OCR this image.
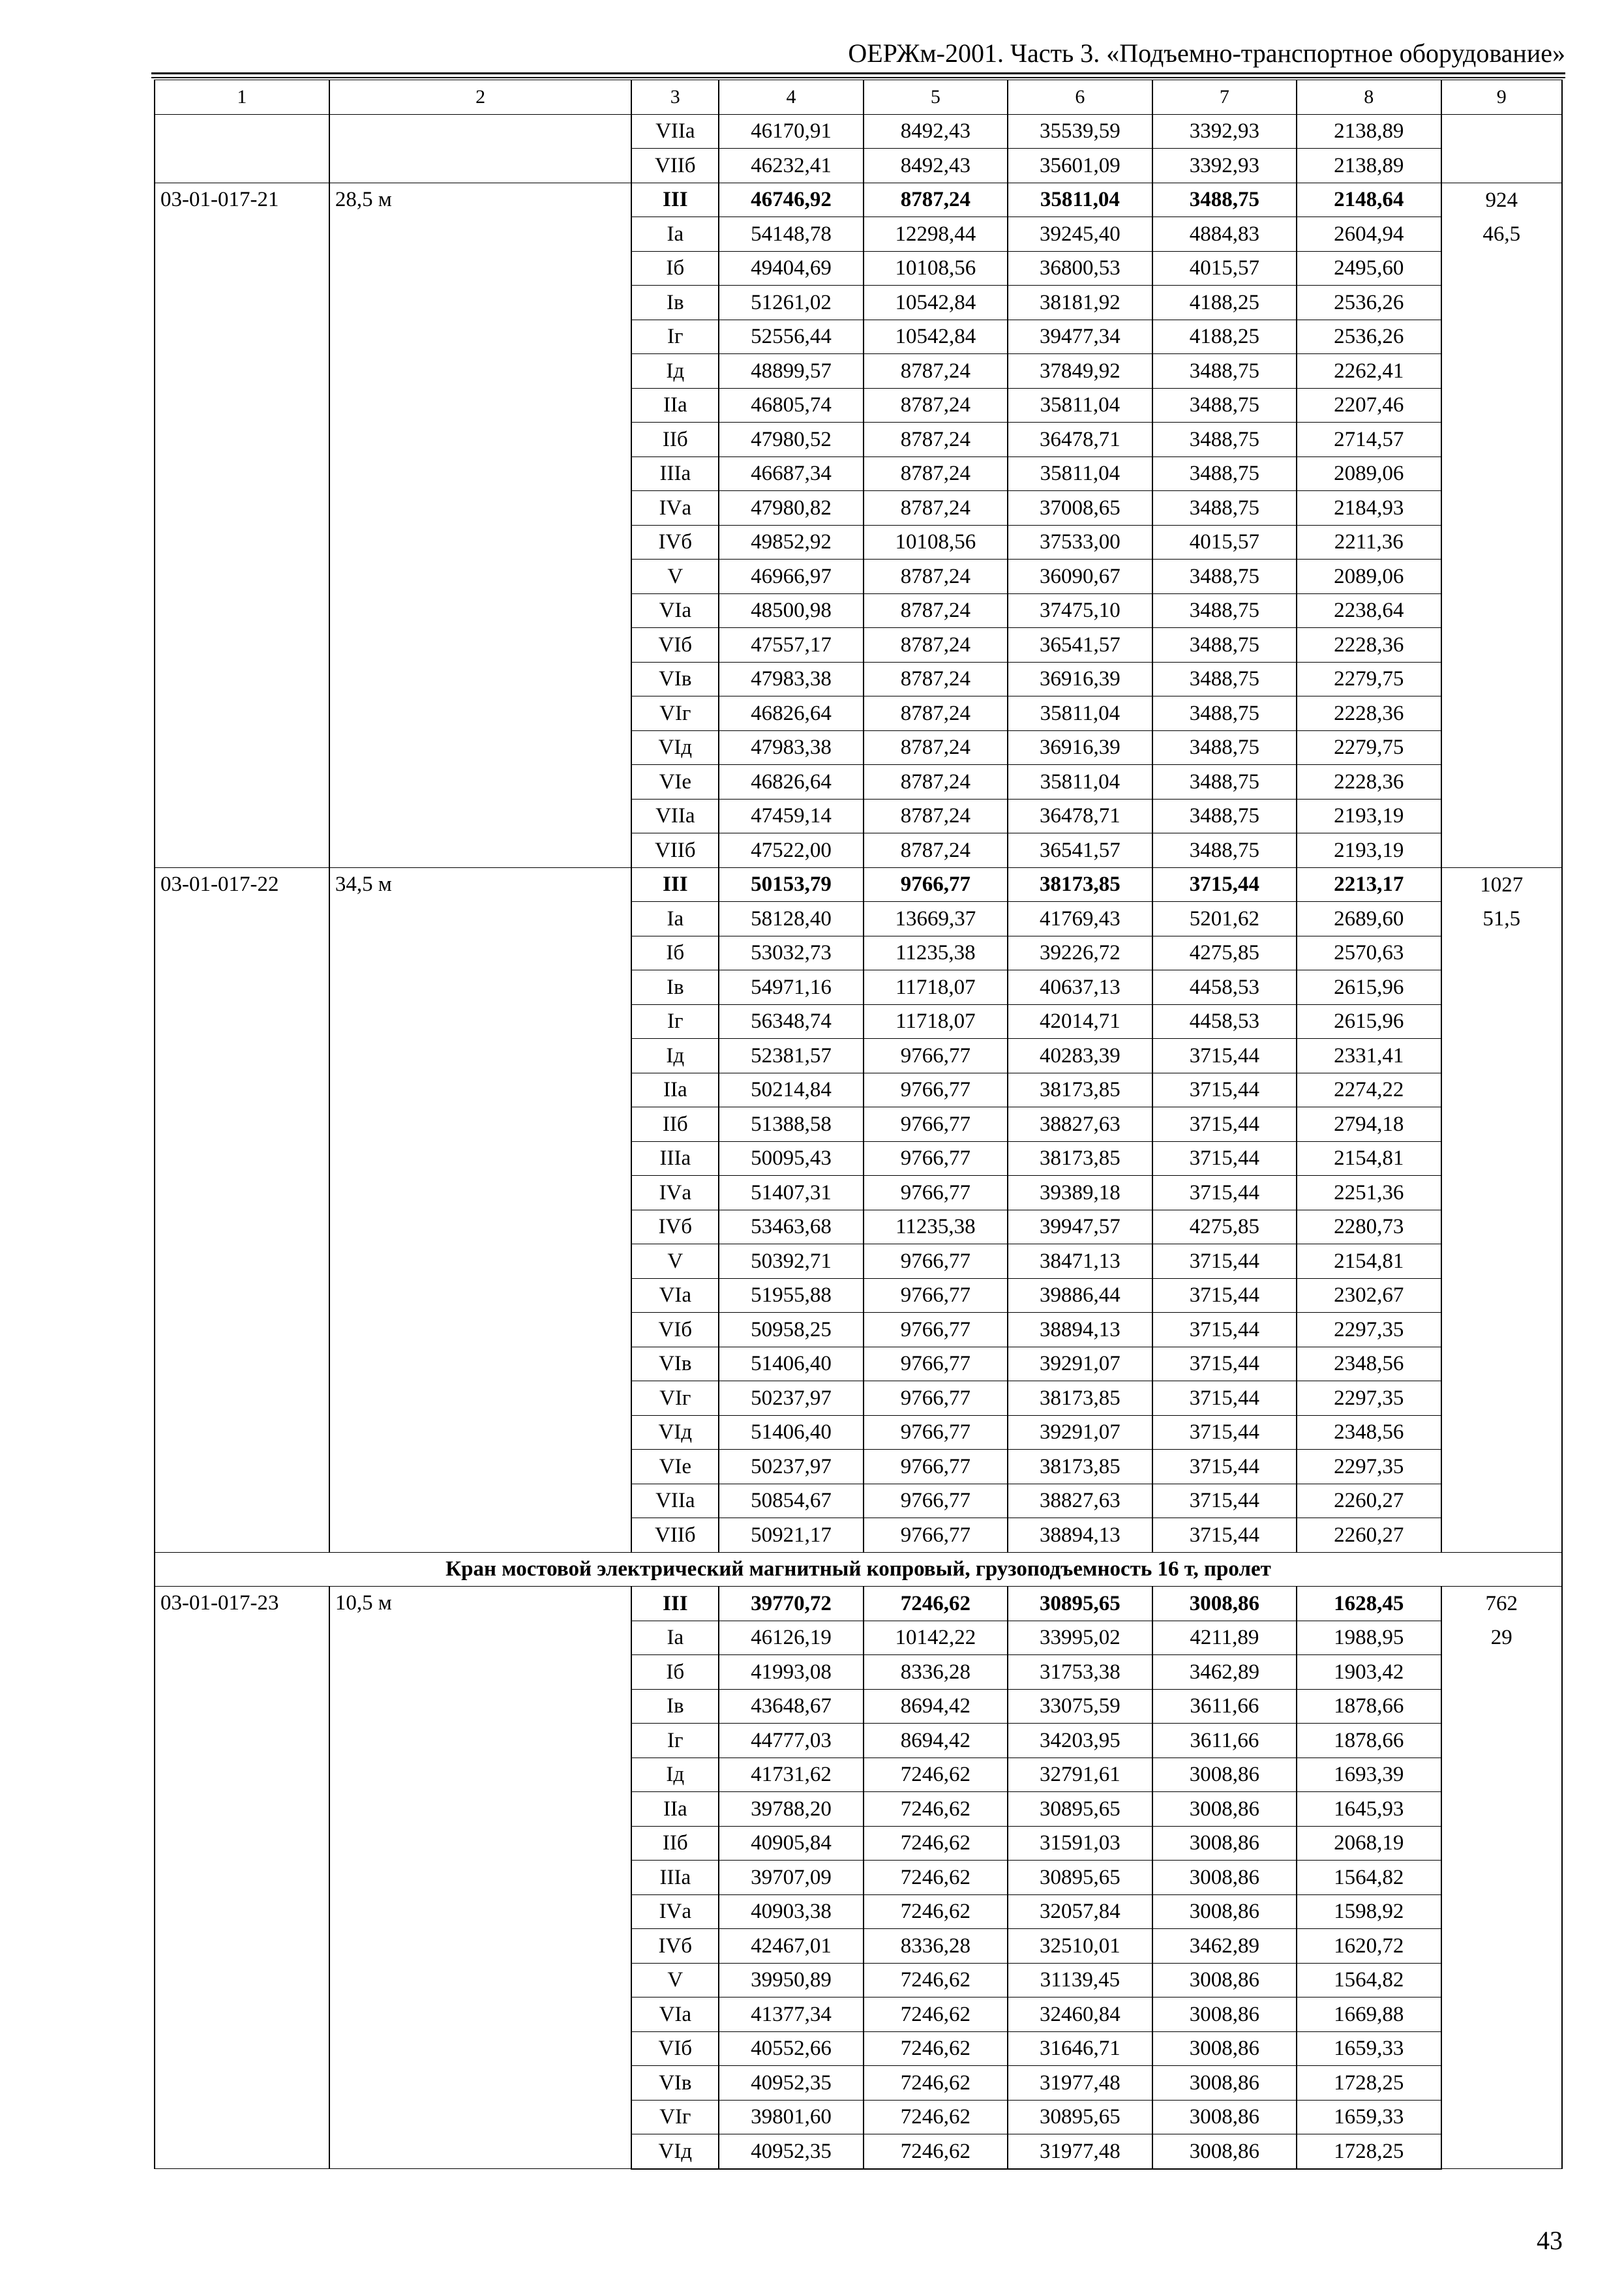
ОЕРЖм-2001. Часть 3. «Подъемно-транспортное оборудование»
1	2	3	4	5	6	7	8	9
		VIIа	46170,91	8492,43	35539,59	3392,93	2138,89	
		VIIб	46232,41	8492,43	35601,09	3392,93	2138,89	
03-01-017-21	28,5 м	III	46746,92	8787,24	35811,04	3488,75	2148,64	924
		Iа	54148,78	12298,44	39245,40	4884,83	2604,94	46,5
		Iб	49404,69	10108,56	36800,53	4015,57	2495,60	
		Iв	51261,02	10542,84	38181,92	4188,25	2536,26	
		Iг	52556,44	10542,84	39477,34	4188,25	2536,26	
		Iд	48899,57	8787,24	37849,92	3488,75	2262,41	
		IIа	46805,74	8787,24	35811,04	3488,75	2207,46	
		IIб	47980,52	8787,24	36478,71	3488,75	2714,57	
		IIIа	46687,34	8787,24	35811,04	3488,75	2089,06	
		IVа	47980,82	8787,24	37008,65	3488,75	2184,93	
		IVб	49852,92	10108,56	37533,00	4015,57	2211,36	
		V	46966,97	8787,24	36090,67	3488,75	2089,06	
		VIа	48500,98	8787,24	37475,10	3488,75	2238,64	
		VIб	47557,17	8787,24	36541,57	3488,75	2228,36	
		VIв	47983,38	8787,24	36916,39	3488,75	2279,75	
		VIг	46826,64	8787,24	35811,04	3488,75	2228,36	
		VIд	47983,38	8787,24	36916,39	3488,75	2279,75	
		VIе	46826,64	8787,24	35811,04	3488,75	2228,36	
		VIIа	47459,14	8787,24	36478,71	3488,75	2193,19	
		VIIб	47522,00	8787,24	36541,57	3488,75	2193,19	
03-01-017-22	34,5 м	III	50153,79	9766,77	38173,85	3715,44	2213,17	1027
		Iа	58128,40	13669,37	41769,43	5201,62	2689,60	51,5
		Iб	53032,73	11235,38	39226,72	4275,85	2570,63	
		Iв	54971,16	11718,07	40637,13	4458,53	2615,96	
		Iг	56348,74	11718,07	42014,71	4458,53	2615,96	
		Iд	52381,57	9766,77	40283,39	3715,44	2331,41	
		IIа	50214,84	9766,77	38173,85	3715,44	2274,22	
		IIб	51388,58	9766,77	38827,63	3715,44	2794,18	
		IIIа	50095,43	9766,77	38173,85	3715,44	2154,81	
		IVа	51407,31	9766,77	39389,18	3715,44	2251,36	
		IVб	53463,68	11235,38	39947,57	4275,85	2280,73	
		V	50392,71	9766,77	38471,13	3715,44	2154,81	
		VIа	51955,88	9766,77	39886,44	3715,44	2302,67	
		VIб	50958,25	9766,77	38894,13	3715,44	2297,35	
		VIв	51406,40	9766,77	39291,07	3715,44	2348,56	
		VIг	50237,97	9766,77	38173,85	3715,44	2297,35	
		VIд	51406,40	9766,77	39291,07	3715,44	2348,56	
		VIе	50237,97	9766,77	38173,85	3715,44	2297,35	
		VIIа	50854,67	9766,77	38827,63	3715,44	2260,27	
		VIIб	50921,17	9766,77	38894,13	3715,44	2260,27	
Кран мостовой электрический магнитный копровый, грузоподъемность 16 т, пролет								
03-01-017-23	10,5 м	III	39770,72	7246,62	30895,65	3008,86	1628,45	762
		Iа	46126,19	10142,22	33995,02	4211,89	1988,95	29
		Iб	41993,08	8336,28	31753,38	3462,89	1903,42	
		Iв	43648,67	8694,42	33075,59	3611,66	1878,66	
		Iг	44777,03	8694,42	34203,95	3611,66	1878,66	
		Iд	41731,62	7246,62	32791,61	3008,86	1693,39	
		IIа	39788,20	7246,62	30895,65	3008,86	1645,93	
		IIб	40905,84	7246,62	31591,03	3008,86	2068,19	
		IIIа	39707,09	7246,62	30895,65	3008,86	1564,82	
		IVа	40903,38	7246,62	32057,84	3008,86	1598,92	
		IVб	42467,01	8336,28	32510,01	3462,89	1620,72	
		V	39950,89	7246,62	31139,45	3008,86	1564,82	
		VIа	41377,34	7246,62	32460,84	3008,86	1669,88	
		VIб	40552,66	7246,62	31646,71	3008,86	1659,33	
		VIв	40952,35	7246,62	31977,48	3008,86	1728,25	
		VIг	39801,60	7246,62	30895,65	3008,86	1659,33	
		VIд	40952,35	7246,62	31977,48	3008,86	1728,25	
43
